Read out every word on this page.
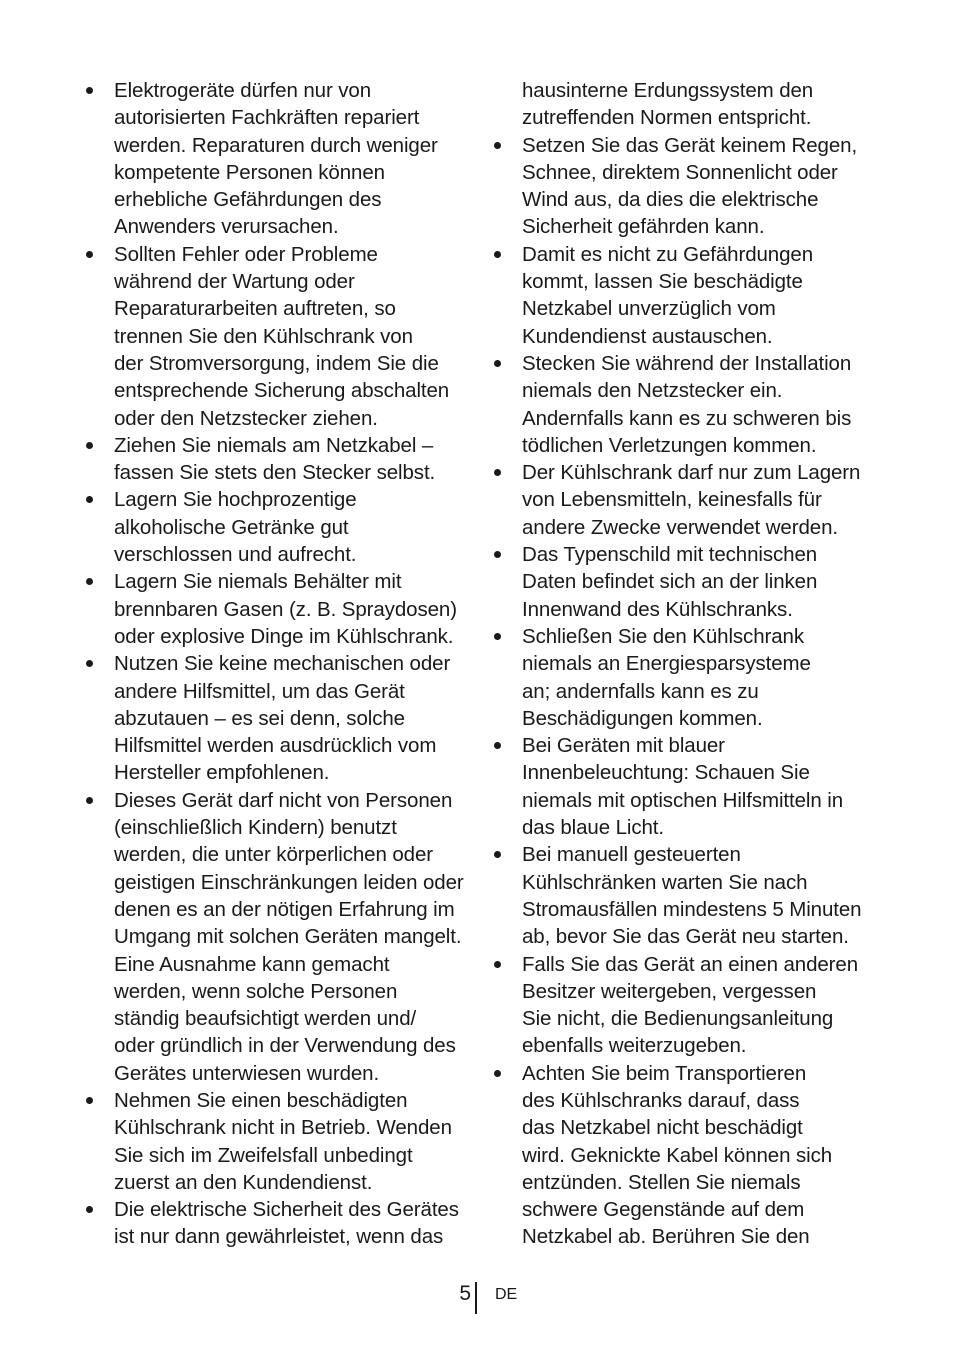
Elektrogeräte dürfen nur von
autorisierten Fachkräften repariert
werden. Reparaturen durch weniger
kompetente Personen können
erhebliche Gefährdungen des
Anwenders verursachen.
Sollten Fehler oder Probleme
während der Wartung oder
Reparaturarbeiten auftreten, so
trennen Sie den Kühlschrank von
der Stromversorgung, indem Sie die
entsprechende Sicherung abschalten
oder den Netzstecker ziehen.
Ziehen Sie niemals am Netzkabel –
fassen Sie stets den Stecker selbst.
Lagern Sie hochprozentige
alkoholische Getränke gut
verschlossen und aufrecht.
Lagern Sie niemals Behälter mit
brennbaren Gasen (z. B. Spraydosen)
oder explosive Dinge im Kühlschrank.
Nutzen Sie keine mechanischen oder
andere Hilfsmittel, um das Gerät
abzutauen – es sei denn, solche
Hilfsmittel werden ausdrücklich vom
Hersteller empfohlenen.
Dieses Gerät darf nicht von Personen
(einschließlich Kindern) benutzt
werden, die unter körperlichen oder
geistigen Einschränkungen leiden oder
denen es an der nötigen Erfahrung im
Umgang mit solchen Geräten mangelt.
Eine Ausnahme kann gemacht
werden, wenn solche Personen
ständig beaufsichtigt werden und/
oder gründlich in der Verwendung des
Gerätes unterwiesen wurden.
Nehmen Sie einen beschädigten
Kühlschrank nicht in Betrieb. Wenden
Sie sich im Zweifelsfall unbedingt
zuerst an den Kundendienst.
Die elektrische Sicherheit des Gerätes
ist nur dann gewährleistet, wenn das
hausinterne Erdungssystem den
zutreffenden Normen entspricht.
Setzen Sie das Gerät keinem Regen,
Schnee, direktem Sonnenlicht oder
Wind aus, da dies die elektrische
Sicherheit gefährden kann.
Damit es nicht zu Gefährdungen
kommt, lassen Sie beschädigte
Netzkabel unverzüglich vom
Kundendienst austauschen.
Stecken Sie während der Installation
niemals den Netzstecker ein.
Andernfalls kann es zu schweren bis
tödlichen Verletzungen kommen.
Der Kühlschrank darf nur zum Lagern
von Lebensmitteln, keinesfalls für
andere Zwecke verwendet werden.
Das Typenschild mit technischen
Daten befindet sich an der linken
Innenwand des Kühlschranks.
Schließen Sie den Kühlschrank
niemals an Energiesparsysteme
an; andernfalls kann es zu
Beschädigungen kommen.
Bei Geräten mit blauer
Innenbeleuchtung: Schauen Sie
niemals mit optischen Hilfsmitteln in
das blaue Licht.
Bei manuell gesteuerten
Kühlschränken warten Sie nach
Stromausfällen mindestens 5 Minuten
ab, bevor Sie das Gerät neu starten.
Falls Sie das Gerät an einen anderen
Besitzer weitergeben, vergessen
Sie nicht, die Bedienungsanleitung
ebenfalls weiterzugeben.
Achten Sie beim Transportieren
des Kühlschranks darauf, dass
das Netzkabel nicht beschädigt
wird. Geknickte Kabel können sich
entzünden. Stellen Sie niemals
schwere Gegenstände auf dem
Netzkabel ab. Berühren Sie den
5 DE
